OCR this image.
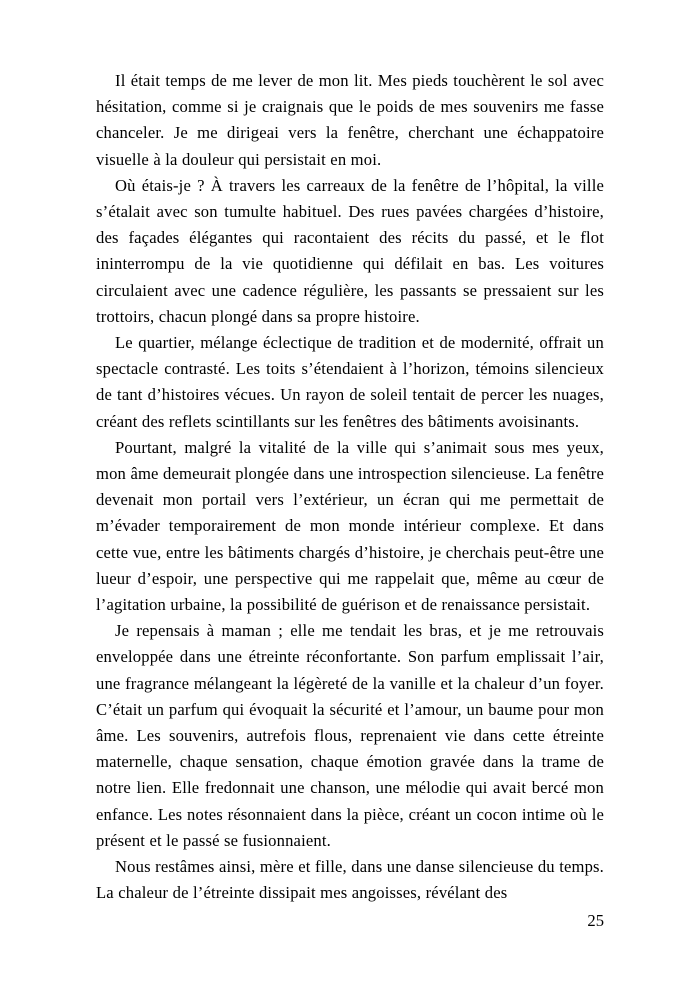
Il était temps de me lever de mon lit. Mes pieds touchèrent le sol avec hésitation, comme si je craignais que le poids de mes souvenirs me fasse chanceler. Je me dirigeai vers la fenêtre, cherchant une échappatoire visuelle à la douleur qui persistait en moi.

Où étais-je ? À travers les carreaux de la fenêtre de l’hôpital, la ville s’étalait avec son tumulte habituel. Des rues pavées chargées d’histoire, des façades élégantes qui racontaient des récits du passé, et le flot ininterrompu de la vie quotidienne qui défilait en bas. Les voitures circulaient avec une cadence régulière, les passants se pressaient sur les trottoirs, chacun plongé dans sa propre histoire.

Le quartier, mélange éclectique de tradition et de modernité, offrait un spectacle contrasté. Les toits s’étendaient à l’horizon, témoins silencieux de tant d’histoires vécues. Un rayon de soleil tentait de percer les nuages, créant des reflets scintillants sur les fenêtres des bâtiments avoisinants.

Pourtant, malgré la vitalité de la ville qui s’animait sous mes yeux, mon âme demeurait plongée dans une introspection silencieuse. La fenêtre devenait mon portail vers l’extérieur, un écran qui me permettait de m’évader temporairement de mon monde intérieur complexe. Et dans cette vue, entre les bâtiments chargés d’histoire, je cherchais peut-être une lueur d’espoir, une perspective qui me rappelait que, même au cœur de l’agitation urbaine, la possibilité de guérison et de renaissance persistait.

Je repensais à maman ; elle me tendait les bras, et je me retrouvais enveloppée dans une étreinte réconfortante. Son parfum emplissait l’air, une fragrance mélangeant la légèreté de la vanille et la chaleur d’un foyer. C’était un parfum qui évoquait la sécurité et l’amour, un baume pour mon âme. Les souvenirs, autrefois flous, reprenaient vie dans cette étreinte maternelle, chaque sensation, chaque émotion gravée dans la trame de notre lien. Elle fredonnait une chanson, une mélodie qui avait bercé mon enfance. Les notes résonnaient dans la pièce, créant un cocon intime où le présent et le passé se fusionnaient.

Nous restâmes ainsi, mère et fille, dans une danse silencieuse du temps. La chaleur de l’étreinte dissipait mes angoisses, révélant des

25
